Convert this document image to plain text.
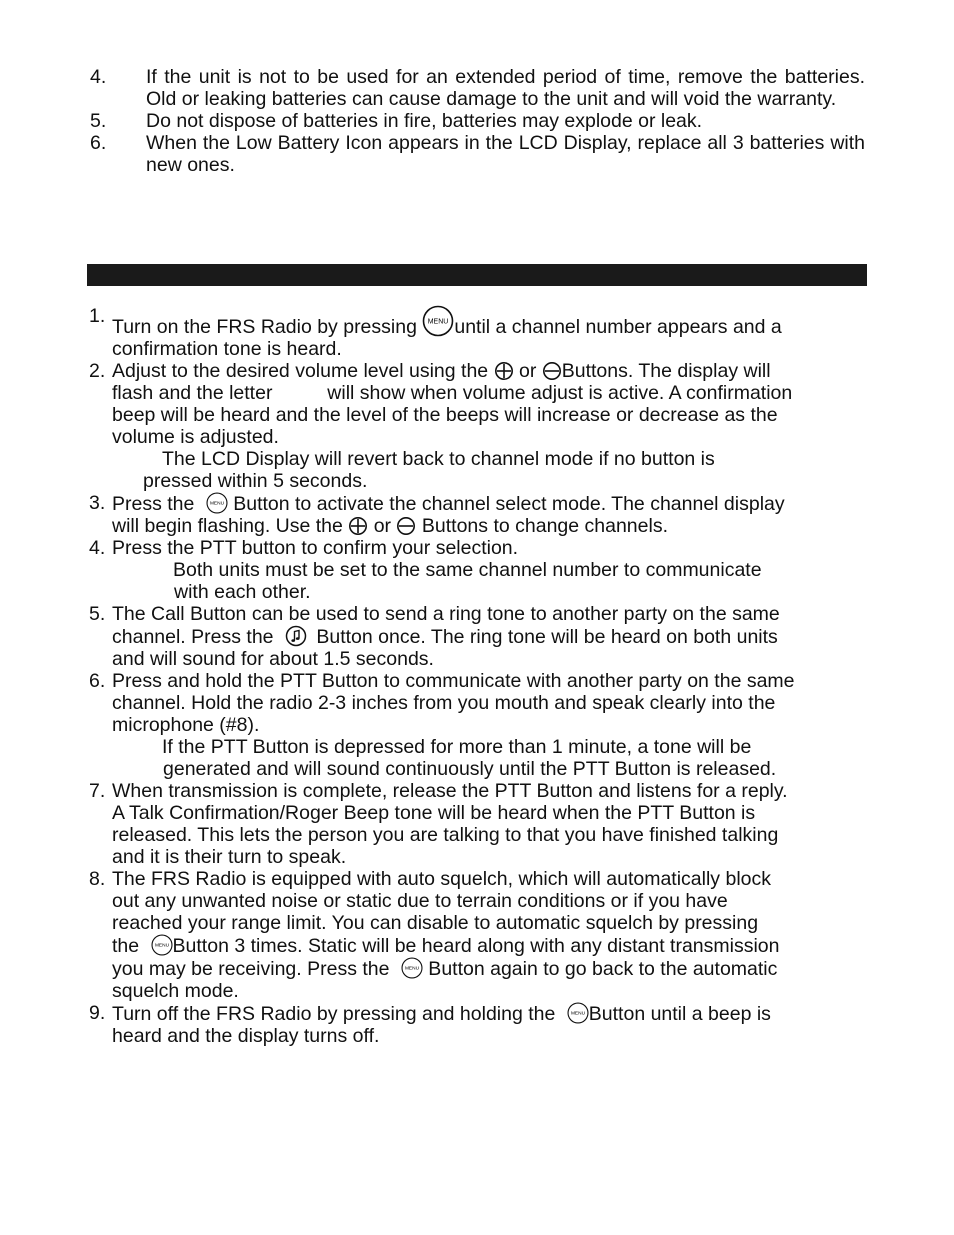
4. If the unit is not to be used for an extended period of time, remove the batteries. Old or leaking batteries can cause damage to the unit and will void the warranty.
5. Do not dispose of batteries in fire, batteries may explode or leak.
6. When the Low Battery Icon appears in the LCD Display, replace all 3 batteries with new ones.
1. Turn on the FRS Radio by pressing MENU until a channel number appears and a
confirmation tone is heard.
2. Adjust to the desired volume level using the
or
Buttons. The display will
flash and the letter  will show when volume adjust is active. A confirmation
beep will be heard and the level of the beeps will increase or decrease as the
volume is adjusted.
The LCD Display will revert back to channel mode if no button is
pressed within 5 seconds.
3. Press the MENU Button to activate the channel select mode. The channel display
will begin flashing. Use the
or
Buttons to change channels.
4. Press the PTT button to confirm your selection.
Both units must be set to the same channel number to communicate
with each other.
5. The Call Button can be used to send a ring tone to another party on the same
channel. Press the
Button once. The ring tone will be heard on both units
and will sound for about 1.5 seconds.
6. Press and hold the PTT Button to communicate with another party on the same
channel. Hold the radio 2-3 inches from you mouth and speak clearly into the
microphone (#8).
If the PTT Button is depressed for more than 1 minute, a tone will be
generated and will sound continuously until the PTT Button is released.
7. When transmission is complete, release the PTT Button and listens for a reply.
A Talk Confirmation/Roger Beep tone will be heard when the PTT Button is
released. This lets the person you are talking to that you have finished talking
and it is their turn to speak.
8. The FRS Radio is equipped with auto squelch, which will automatically block
out any unwanted noise or static due to terrain conditions or if you have
reached your range limit. You can disable to automatic squelch by pressing
the MENU Button 3 times. Static will be heard along with any distant transmission
you may be receiving. Press the MENU Button again to go back to the automatic
squelch mode.
9. Turn off the FRS Radio by pressing and holding the MENU Button until a beep is
heard and the display turns off.
